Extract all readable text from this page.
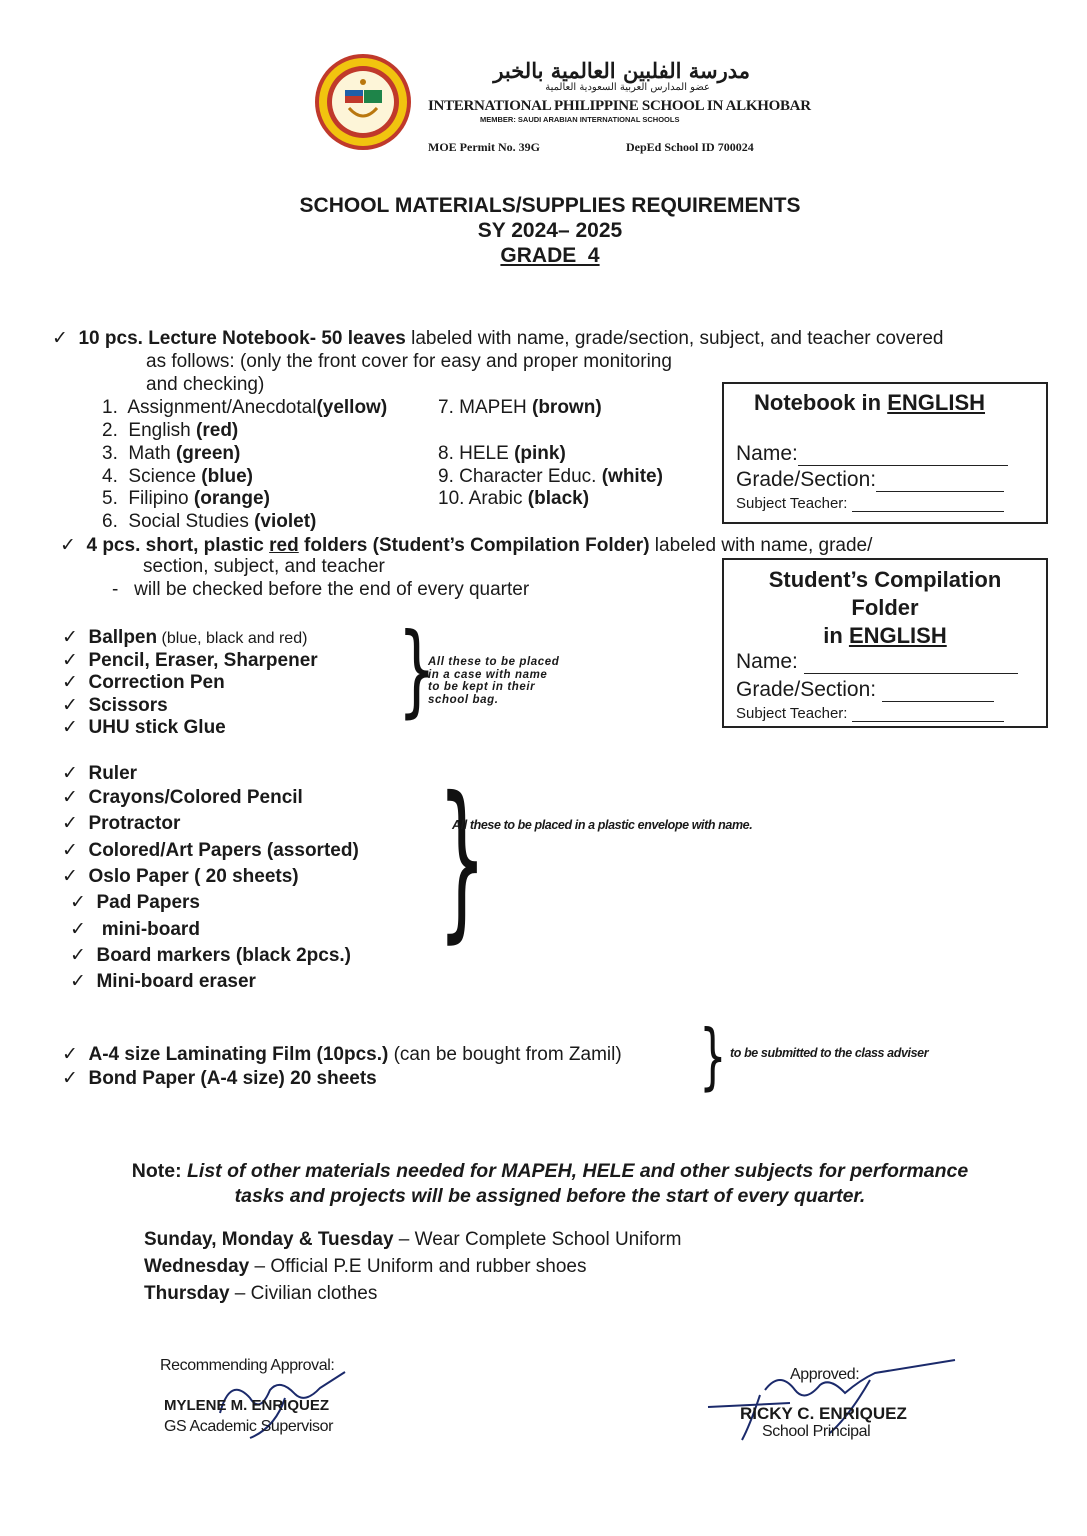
مدرسة الفلبين العالمية بالخبر
عضو المدارس العربية السعودية العالمية
INTERNATIONAL PHILIPPINE SCHOOL IN ALKHOBAR
MEMBER: SAUDI ARABIAN INTERNATIONAL SCHOOLS
MOE Permit No. 39G	DepEd School ID 700024
SCHOOL MATERIALS/SUPPLIES REQUIREMENTS
SY 2024– 2025
GRADE  4
✓ 10 pcs. Lecture Notebook- 50 leaves labeled with name, grade/section, subject, and teacher covered
as follows: (only the front cover for easy and proper monitoring
and checking)
1. Assignment/Anecdotal(yellow)
2. English (red)
3. Math (green)
4. Science (blue)
5. Filipino (orange)
6. Social Studies (violet)
7. MAPEH (brown)
8. HELE (pink)
9. Character Educ. (white)
10. Arabic (black)
Notebook in ENGLISH
Name:
Grade/Section:
Subject Teacher:
✓ 4 pcs. short, plastic red folders (Student’s Compilation Folder) labeled with name, grade/
section, subject, and teacher
- will be checked before the end of every quarter	Student’s Compilation
Folder
in ENGLISH
Name:
Grade/Section:
Subject Teacher:
✓ Ballpen (blue, black and red)
✓ Pencil, Eraser, Sharpener
✓ Correction Pen
✓ Scissors
✓ UHU stick Glue }
All these to be placed
in a case with name
to be kept in their
school bag.
✓ Ruler
✓ Crayons/Colored Pencil
✓ Protractor
✓ Colored/Art Papers (assorted)
✓ Oslo Paper ( 20 sheets)
✓ Pad Papers
✓ mini-board
✓ Board markers (black 2pcs.)
✓ Mini-board eraser
}
All these to be placed in a plastic envelope with name.
✓ A-4 size Laminating Film (10pcs.) (can be bought from Zamil)
✓ Bond Paper (A-4 size) 20 sheets	} to be submitted to the class adviser
Note: List of other materials needed for MAPEH, HELE and other subjects for performance
tasks and projects will be assigned before the start of every quarter.
Sunday, Monday & Tuesday – Wear Complete School Uniform
Wednesday – Official P.E Uniform and rubber shoes
Thursday – Civilian clothes
Recommending Approval:
MYLENE M. ENRIQUEZ
GS Academic Supervisor
Approved:
RICKY C. ENRIQUEZ
School Principal
